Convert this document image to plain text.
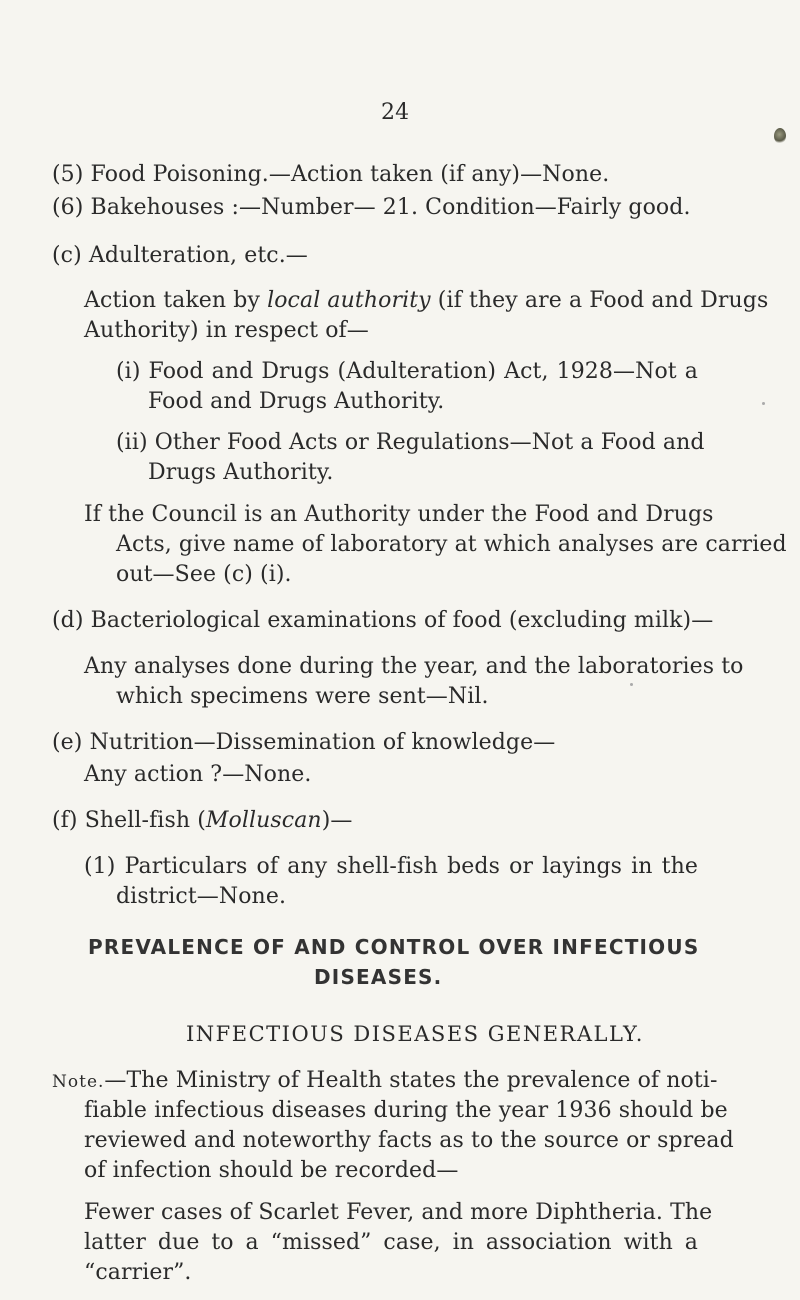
24
(5) Food Poisoning.—Action taken (if any)—None.
(6) Bakehouses :—Number— 21. Condition—Fairly good.
(c) Adulteration, etc.—
Action taken by local authority (if they are a Food and Drugs
Authority) in respect of—
(i) Food and Drugs (Adulteration) Act, 1928—Not a
Food and Drugs Authority.
(ii) Other Food Acts or Regulations—Not a Food and
Drugs Authority.
If the Council is an Authority under the Food and Drugs
Acts, give name of laboratory at which analyses are carried
out—See (c) (i).
(d) Bacteriological examinations of food (excluding milk)—
Any analyses done during the year, and the laboratories to
which specimens were sent—Nil.
(e) Nutrition—Dissemination of knowledge—
Any action ?—None.
(f) Shell-fish (Molluscan)—
(1) Particulars of any shell-fish beds or layings in the
district—None.
PREVALENCE OF AND CONTROL OVER INFECTIOUS
DISEASES.
INFECTIOUS DISEASES GENERALLY.
Note.—The Ministry of Health states the prevalence of noti-
fiable infectious diseases during the year 1936 should be
reviewed and noteworthy facts as to the source or spread
of infection should be recorded—
Fewer cases of Scarlet Fever, and more Diphtheria. The
latter due to a “missed” case, in association with a
“carrier”.
